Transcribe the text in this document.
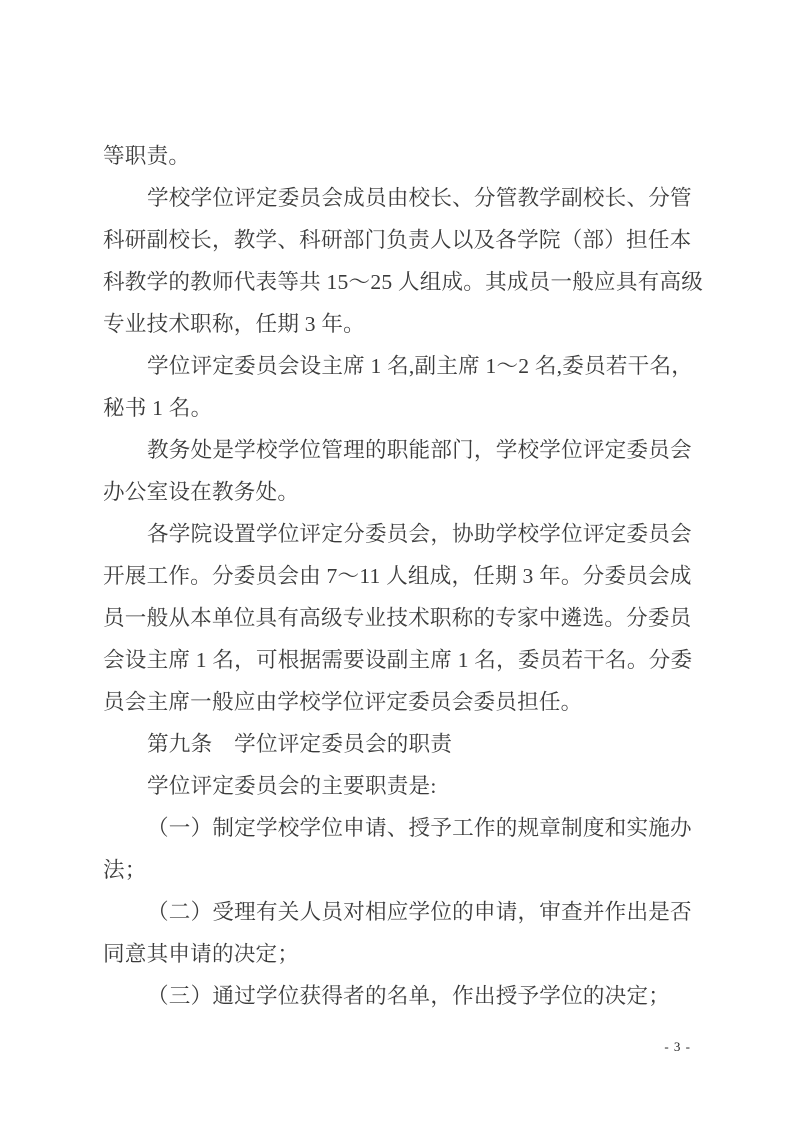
等职责。
学校学位评定委员会成员由校长、分管教学副校长、分管
科研副校长，教学、科研部门负责人以及各学院（部）担任本
科教学的教师代表等共 15～25 人组成。其成员一般应具有高级
专业技术职称，任期 3 年。
学位评定委员会设主席 1 名,副主席 1～2 名,委员若干名，
秘书 1 名。
教务处是学校学位管理的职能部门，学校学位评定委员会
办公室设在教务处。
各学院设置学位评定分委员会，协助学校学位评定委员会
开展工作。分委员会由 7～11 人组成，任期 3 年。分委员会成
员一般从本单位具有高级专业技术职称的专家中遴选。分委员
会设主席 1 名，可根据需要设副主席 1 名，委员若干名。分委
员会主席一般应由学校学位评定委员会委员担任。
第九条　学位评定委员会的职责
学位评定委员会的主要职责是:
（一）制定学校学位申请、授予工作的规章制度和实施办
法；
（二）受理有关人员对相应学位的申请，审查并作出是否
同意其申请的决定；
（三）通过学位获得者的名单，作出授予学位的决定；
- 3 -
